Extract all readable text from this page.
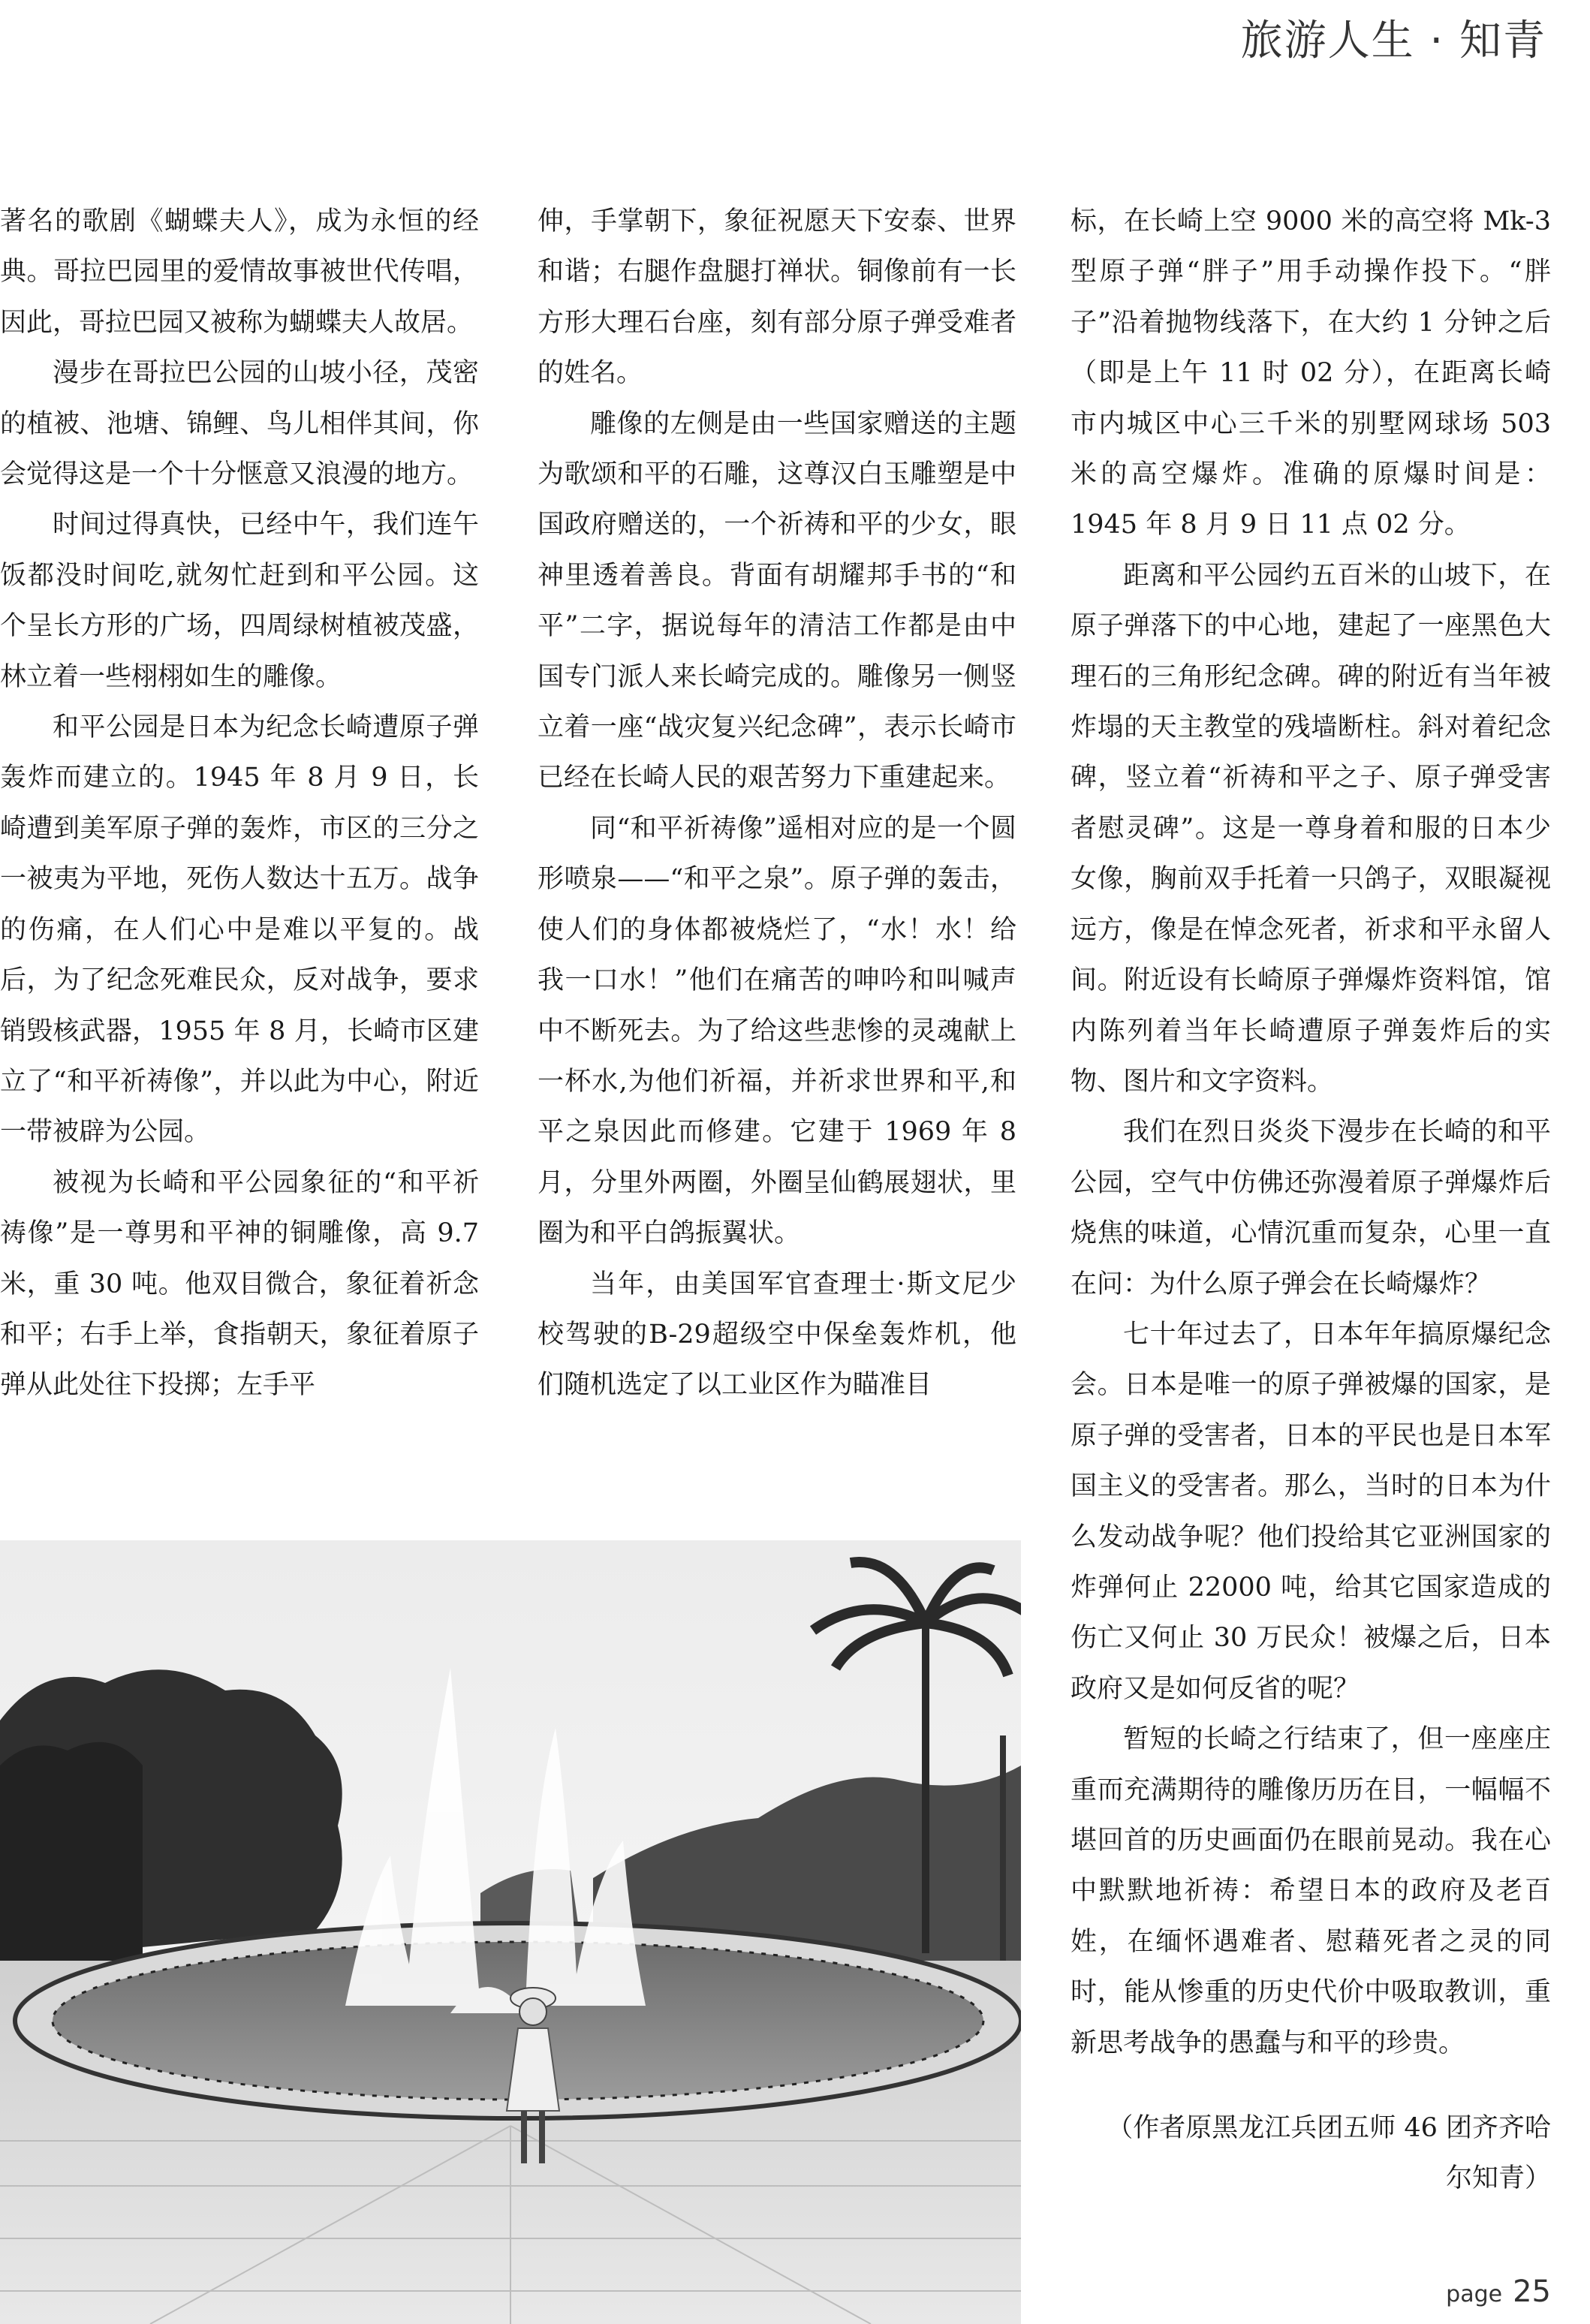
旅游人生 · 知青

著名的歌剧《蝴蝶夫人》，成为永恒的经典。哥拉巴园里的爱情故事被世代传唱，因此，哥拉巴园又被称为蝴蝶夫人故居。

漫步在哥拉巴公园的山坡小径，茂密的植被、池塘、锦鲤、鸟儿相伴其间，你会觉得这是一个十分惬意又浪漫的地方。

时间过得真快，已经中午，我们连午饭都没时间吃,就匆忙赶到和平公园。这个呈长方形的广场，四周绿树植被茂盛，林立着一些栩栩如生的雕像。

和平公园是日本为纪念长崎遭原子弹轰炸而建立的。1945 年 8 月 9 日，长崎遭到美军原子弹的轰炸，市区的三分之一被夷为平地，死伤人数达十五万。战争的伤痛，在人们心中是难以平复的。战后，为了纪念死难民众，反对战争，要求销毁核武器，1955 年 8 月，长崎市区建立了“和平祈祷像”，并以此为中心，附近一带被辟为公园。

被视为长崎和平公园象征的“和平祈祷像”是一尊男和平神的铜雕像，高 9.7 米，重 30 吨。他双目微合，象征着祈念和平；右手上举，食指朝天，象征着原子弹从此处往下投掷；左手平

伸，手掌朝下，象征祝愿天下安泰、世界和谐；右腿作盘腿打禅状。铜像前有一长方形大理石台座，刻有部分原子弹受难者的姓名。

雕像的左侧是由一些国家赠送的主题为歌颂和平的石雕，这尊汉白玉雕塑是中国政府赠送的，一个祈祷和平的少女，眼神里透着善良。背面有胡耀邦手书的“和平”二字，据说每年的清洁工作都是由中国专门派人来长崎完成的。雕像另一侧竖立着一座“战灾复兴纪念碑”，表示长崎市已经在长崎人民的艰苦努力下重建起来。

同“和平祈祷像”遥相对应的是一个圆形喷泉——“和平之泉”。原子弹的轰击，使人们的身体都被烧烂了，“水！水！给我一口水！”他们在痛苦的呻吟和叫喊声中不断死去。为了给这些悲惨的灵魂献上一杯水,为他们祈福，并祈求世界和平,和平之泉因此而修建。它建于 1969 年 8 月，分里外两圈，外圈呈仙鹤展翅状，里圈为和平白鸽振翼状。

当年，由美国军官查理士·斯文尼少校驾驶的B-29超级空中保垒轰炸机，他们随机选定了以工业区作为瞄准目

标，在长崎上空 9000 米的高空将 Mk-3 型原子弹“胖子”用手动操作投下。“胖子”沿着抛物线落下，在大约 1 分钟之后（即是上午 11 时 02 分），在距离长崎市内城区中心三千米的别墅网球场 503 米的高空爆炸。准确的原爆时间是：1945 年 8 月 9 日 11 点 02 分。

距离和平公园约五百米的山坡下，在原子弹落下的中心地，建起了一座黑色大理石的三角形纪念碑。碑的附近有当年被炸塌的天主教堂的残墙断柱。斜对着纪念碑，竖立着“祈祷和平之子、原子弹受害者慰灵碑”。这是一尊身着和服的日本少女像，胸前双手托着一只鸽子，双眼凝视远方，像是在悼念死者，祈求和平永留人间。附近设有长崎原子弹爆炸资料馆，馆内陈列着当年长崎遭原子弹轰炸后的实物、图片和文字资料。

我们在烈日炎炎下漫步在长崎的和平公园，空气中仿佛还弥漫着原子弹爆炸后烧焦的味道，心情沉重而复杂，心里一直在问：为什么原子弹会在长崎爆炸？

七十年过去了，日本年年搞原爆纪念会。日本是唯一的原子弹被爆的国家，是原子弹的受害者，日本的平民也是日本军国主义的受害者。那么，当时的日本为什么发动战争呢？他们投给其它亚洲国家的炸弹何止 22000 吨，给其它国家造成的伤亡又何止 30 万民众！被爆之后，日本政府又是如何反省的呢？

暂短的长崎之行结束了，但一座座庄重而充满期待的雕像历历在目，一幅幅不堪回首的历史画面仍在眼前晃动。我在心中默默地祈祷：希望日本的政府及老百姓，在缅怀遇难者、慰藉死者之灵的同时，能从惨重的历史代价中吸取教训，重新思考战争的愚蠢与和平的珍贵。

（作者原黑龙江兵团五师 46 团齐齐哈

尔知青）

page 25
